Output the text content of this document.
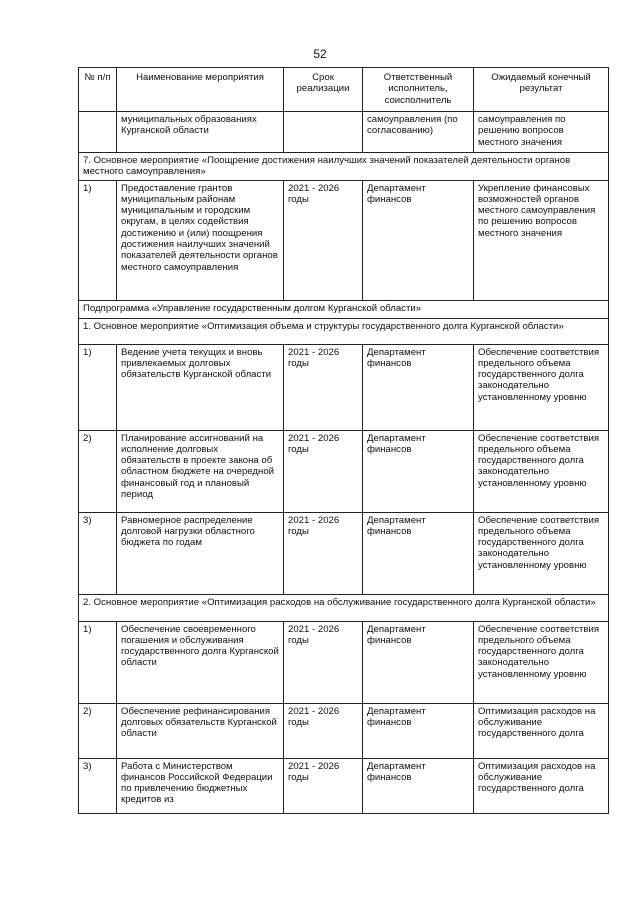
52
№ п/п	Наименование мероприятия	Срок реализации	Ответственный исполнитель, соисполнитель	Ожидаемый конечный результат
	муниципальных образованиях Курганской области		самоуправления (по согласованию)	самоуправления по решению вопросов местного значения
7. Основное мероприятие «Поощрение достижения наилучших значений показателей деятельности органов местного самоуправления»				
1)	Предоставление грантов муниципальным районам муниципальным и городским округам, в целях содействия достижению и (или) поощрения достижения наилучших значений показателей деятельности органов местного самоуправления	2021 - 2026 годы	Департамент финансов	Укрепление финансовых возможностей органов местного самоуправления по решению вопросов местного значения
Подпрограмма «Управление государственным долгом Курганской области»				
1. Основное мероприятие «Оптимизация объема и структуры государственного долга Курганской области»				
1)	Ведение учета текущих и вновь привлекаемых долговых обязательств Курганской области	2021 - 2026 годы	Департамент финансов	Обеспечение соответствия предельного объема государственного долга законодательно установленному уровню
2)	Планирование ассигнований на исполнение долговых обязательств в проекте закона об областном бюджете на очередной финансовый год и плановый период	2021 - 2026 годы	Департамент финансов	Обеспечение соответствия предельного объема государственного долга законодательно установленному уровню
3)	Равномерное распределение долговой нагрузки областного бюджета по годам	2021 - 2026 годы	Департамент финансов	Обеспечение соответствия предельного объема государственного долга законодательно установленному уровню
2. Основное мероприятие «Оптимизация расходов на обслуживание государственного долга Курганской области»				
1)	Обеспечение своевременного погашения и обслуживания государственного долга Курганской области	2021 - 2026 годы	Департамент финансов	Обеспечение соответствия предельного объема государственного долга законодательно установленному уровню
2)	Обеспечение рефинансирования долговых обязательств Курганской области	2021 - 2026 годы	Департамент финансов	Оптимизация расходов на обслуживание государственного долга
3)	Работа с Министерством финансов Российской Федерации по привлечению бюджетных кредитов из	2021 - 2026 годы	Департамент финансов	Оптимизация расходов на обслуживание государственного долга
